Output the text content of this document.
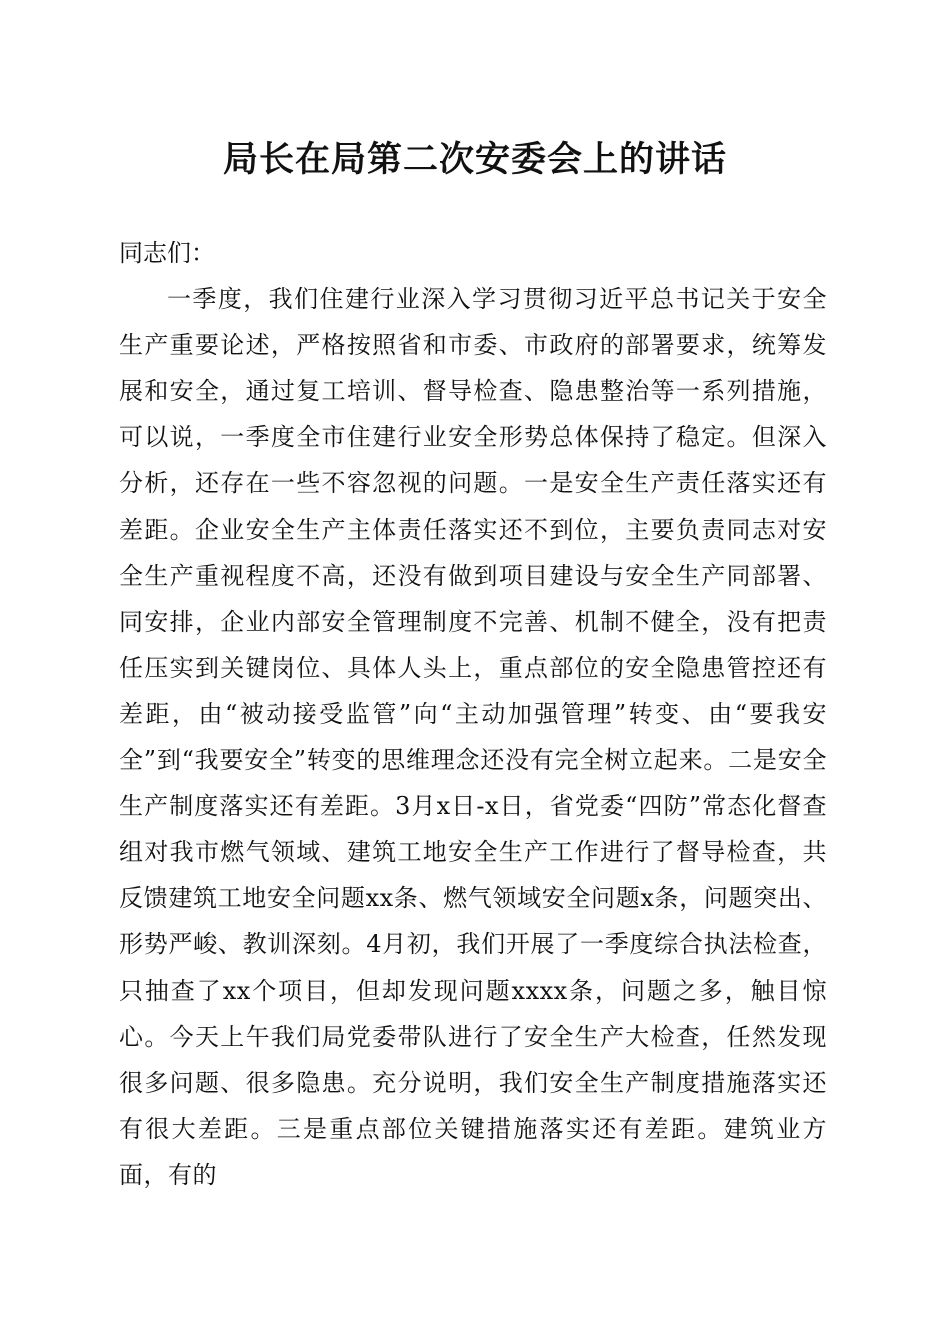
局长在局第二次安委会上的讲话

同志们：

一季度，我们住建行业深入学习贯彻习近平总书记关于安全生产重要论述，严格按照省和市委、市政府的部署要求，统筹发展和安全，通过复工培训、督导检查、隐患整治等一系列措施，可以说，一季度全市住建行业安全形势总体保持了稳定。但深入分析，还存在一些不容忽视的问题。一是安全生产责任落实还有差距。企业安全生产主体责任落实还不到位，主要负责同志对安全生产重视程度不高，还没有做到项目建设与安全生产同部署、同安排，企业内部安全管理制度不完善、机制不健全，没有把责任压实到关键岗位、具体人头上，重点部位的安全隐患管控还有差距，由“被动接受监管”向“主动加强管理”转变、由“要我安全”到“我要安全”转变的思维理念还没有完全树立起来。二是安全生产制度落实还有差距。3月x日-x日，省党委“四防”常态化督查组对我市燃气领域、建筑工地安全生产工作进行了督导检查，共反馈建筑工地安全问题xx条、燃气领域安全问题x条，问题突出、形势严峻、教训深刻。4月初，我们开展了一季度综合执法检查，只抽查了xx个项目，但却发现问题xxxx条，问题之多，触目惊心。今天上午我们局党委带队进行了安全生产大检查，任然发现很多问题、很多隐患。充分说明，我们安全生产制度措施落实还有很大差距。三是重点部位关键措施落实还有差距。建筑业方面，有的
